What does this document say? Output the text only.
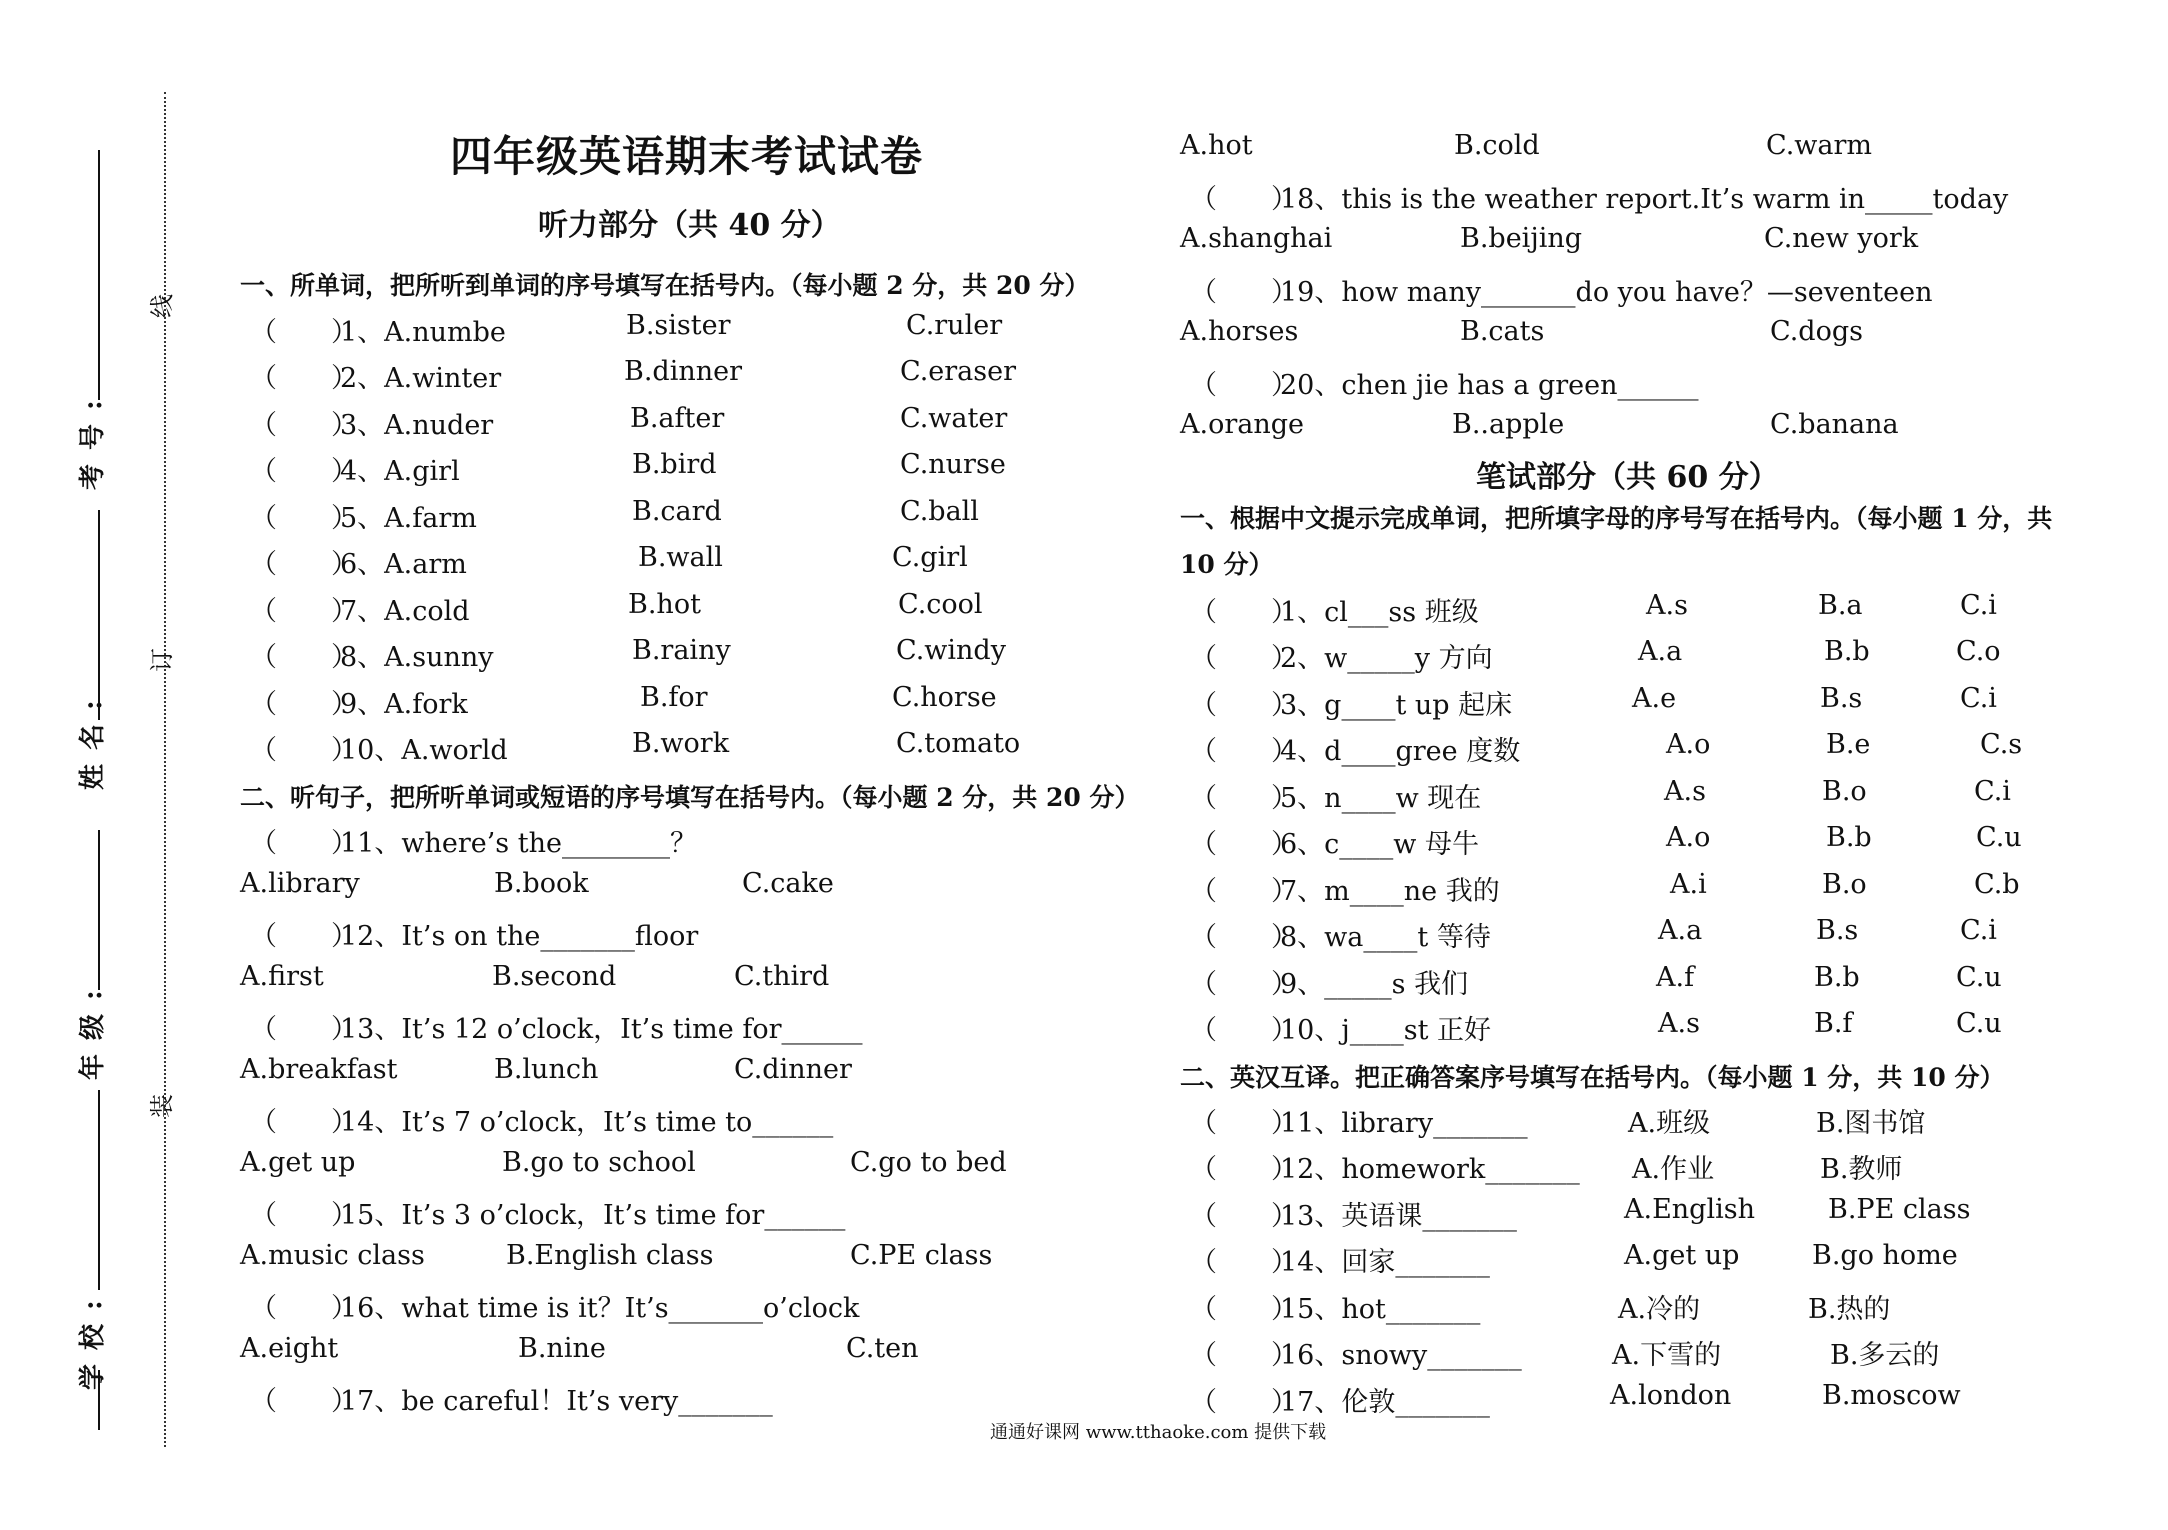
考号:
姓名:
年级:
学校:
线
订
装
四年级英语期末考试试卷
听力部分（共 40 分）
一、所单词，把所听到单词的序号填写在括号内。（每小题 2 分，共 20 分）
（　　）
1、A.numbe	B.sister	C.ruler
（　　）
2、A.winter	B.dinner	C.eraser
（　　）
3、A.nuder	B.after	C.water
（　　）
4、A.girl	B.bird	C.nurse
（　　）
5、A.farm	B.card	C.ball
（　　）
6、A.arm	B.wall	C.girl
（　　）
7、A.cold	B.hot	C.cool
（　　）
8、A.sunny	B.rainy	C.windy
（　　）
9、A.fork	B.for	C.horse
（　　）
10、A.world	B.work	C.tomato
二、听句子，把所听单词或短语的序号填写在括号内。（每小题 2 分，共 20 分）
（　　）
11、where’s the________？
A.library	B.book	C.cake
（　　）
12、It’s on the_______floor
A.first	B.second	C.third
（　　）
13、It’s 12 o’clock，It’s time for______
A.breakfast	B.lunch	C.dinner
（　　）
14、It’s 7 o’clock，It’s time to______
A.get up	B.go to school	C.go to bed
（　　）
15、It’s 3 o’clock，It’s time for______
A.music class	B.English class	C.PE class
（　　）
16、what time is it？It’s_______o’clock
A.eight	B.nine	C.ten
（　　）
17、be careful！It’s very_______
A.hot	B.cold	C.warm
（　　）
18、this is the weather report.It’s warm in_____today
A.shanghai	B.beijing	C.new york
（　　）
19、how many_______do you have？—seventeen
A.horses	B.cats	C.dogs
（　　）
20、chen jie has a green______
A.orange	B..apple	C.banana
笔试部分（共 60 分）
一、根据中文提示完成单词，把所填字母的序号写在括号内。（每小题 1 分，共 10 分）
（　　）
1、cl___ss 班级	A.s	B.a	C.i
（　　）
2、w_____y 方向	A.a	B.b	C.o
（　　）
3、g____t up 起床	A.e	B.s	C.i
（　　）
4、d____gree 度数	A.o	B.e	C.s
（　　）
5、n____w 现在	A.s	B.o	C.i
（　　）
6、c____w 母牛	A.o	B.b	C.u
（　　）
7、m____ne 我的	A.i	B.o	C.b
（　　）
8、wa____t 等待	A.a	B.s	C.i
（　　）
9、_____s 我们	A.f	B.b	C.u
（　　）
10、j____st 正好	A.s	B.f	C.u
二、英汉互译。把正确答案序号填写在括号内。（每小题 1 分，共 10 分）
（　　）
11、library_______	A.班级	B.图书馆
（　　）
12、homework_______ A.作业	B.教师
（　　）
13、英语课_______	A.English	B.PE class
（　　）
14、回家_______	A.get up	B.go home
（　　）
15、hot_______	A.冷的	B.热的
（　　）
16、snowy_______	A.下雪的	B.多云的
（　　）
17、伦敦_______	A.london	B.moscow
通通好课网 www.tthaoke.com 提供下载
